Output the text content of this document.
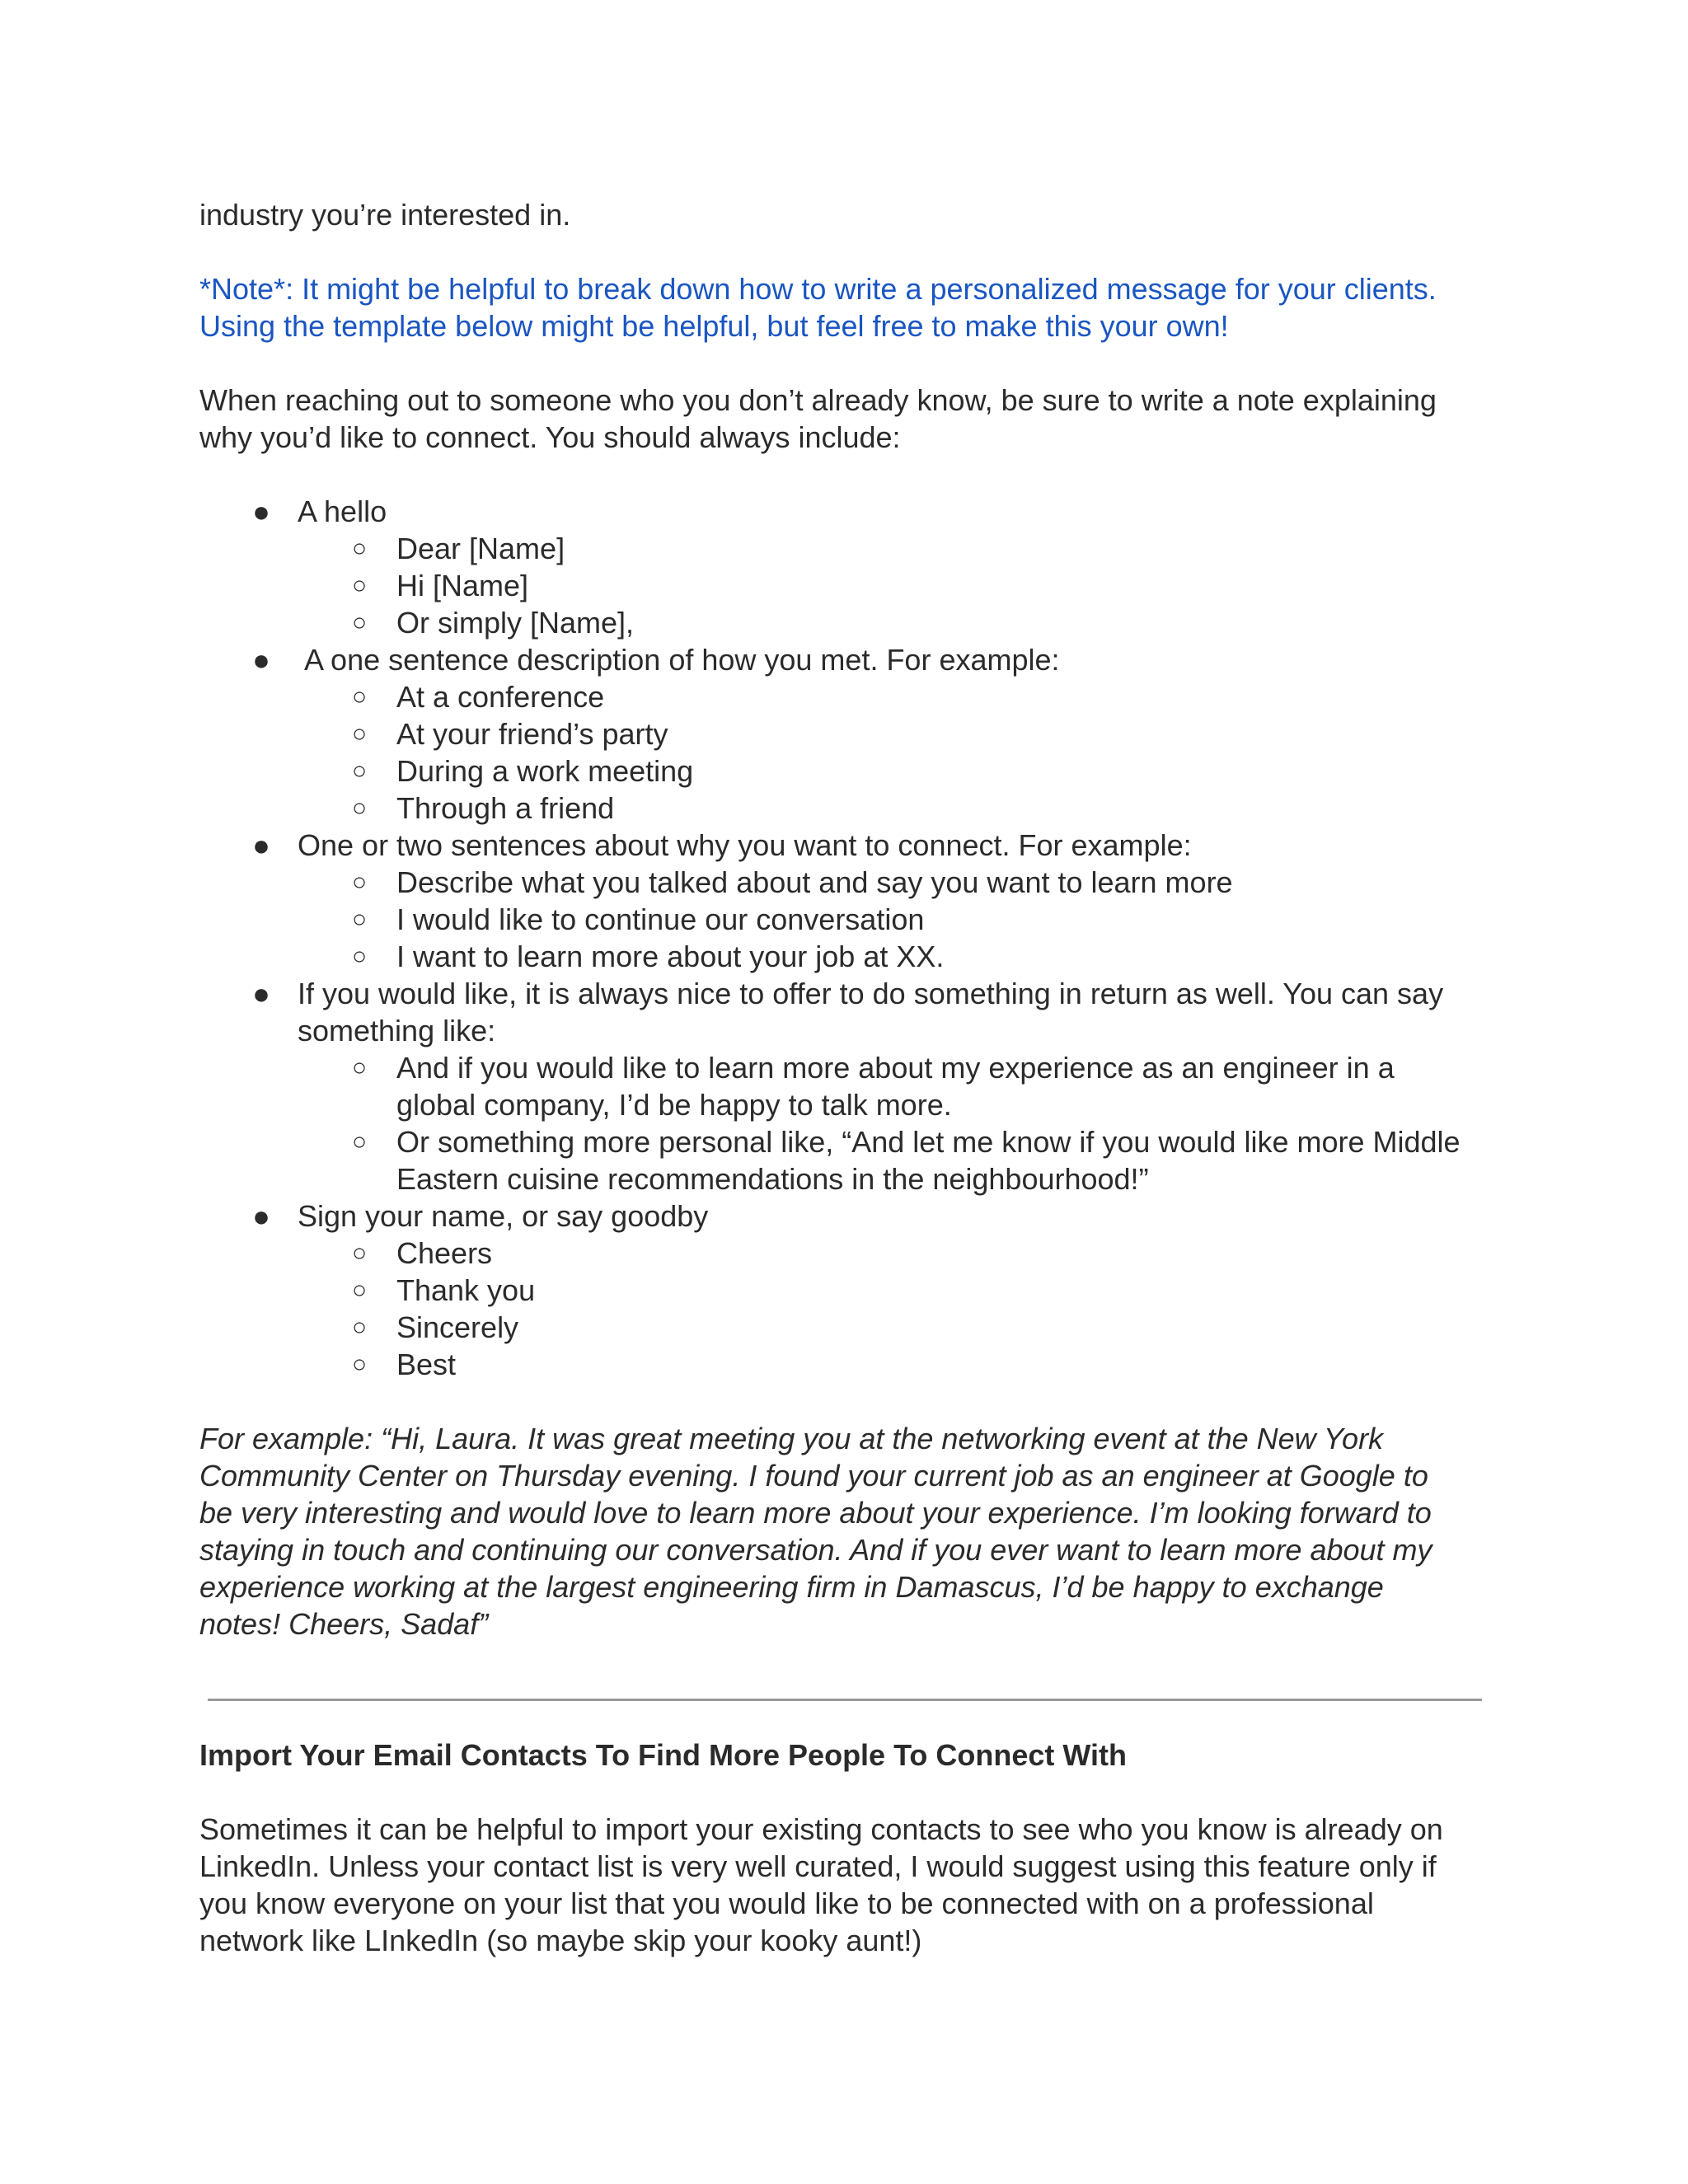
industry you’re interested in.

*Note*: It might be helpful to break down how to write a personalized message for your clients.
Using the template below might be helpful, but feel free to make this your own!

When reaching out to someone who you don’t already know, be sure to write a note explaining
why you’d like to connect. You should always include:

● A hello
○ Dear [Name]
○ Hi [Name]
○ Or simply [Name],
● A one sentence description of how you met. For example:
○ At a conference
○ At your friend’s party
○ During a work meeting
○ Through a friend
● One or two sentences about why you want to connect. For example:
○ Describe what you talked about and say you want to learn more
○ I would like to continue our conversation
○ I want to learn more about your job at XX.
● If you would like, it is always nice to offer to do something in return as well. You can say
something like:
○ And if you would like to learn more about my experience as an engineer in a
global company, I’d be happy to talk more.
○ Or something more personal like, “And let me know if you would like more Middle
Eastern cuisine recommendations in the neighbourhood!”
● Sign your name, or say goodby
○ Cheers
○ Thank you
○ Sincerely
○ Best

For example: “Hi, Laura. It was great meeting you at the networking event at the New York
Community Center on Thursday evening. I found your current job as an engineer at Google to
be very interesting and would love to learn more about your experience. I’m looking forward to
staying in touch and continuing our conversation. And if you ever want to learn more about my
experience working at the largest engineering firm in Damascus, I’d be happy to exchange
notes! Cheers, Sadaf”

Import Your Email Contacts To Find More People To Connect With

Sometimes it can be helpful to import your existing contacts to see who you know is already on
LinkedIn. Unless your contact list is very well curated, I would suggest using this feature only if
you know everyone on your list that you would like to be connected with on a professional
network like LInkedIn (so maybe skip your kooky aunt!)
